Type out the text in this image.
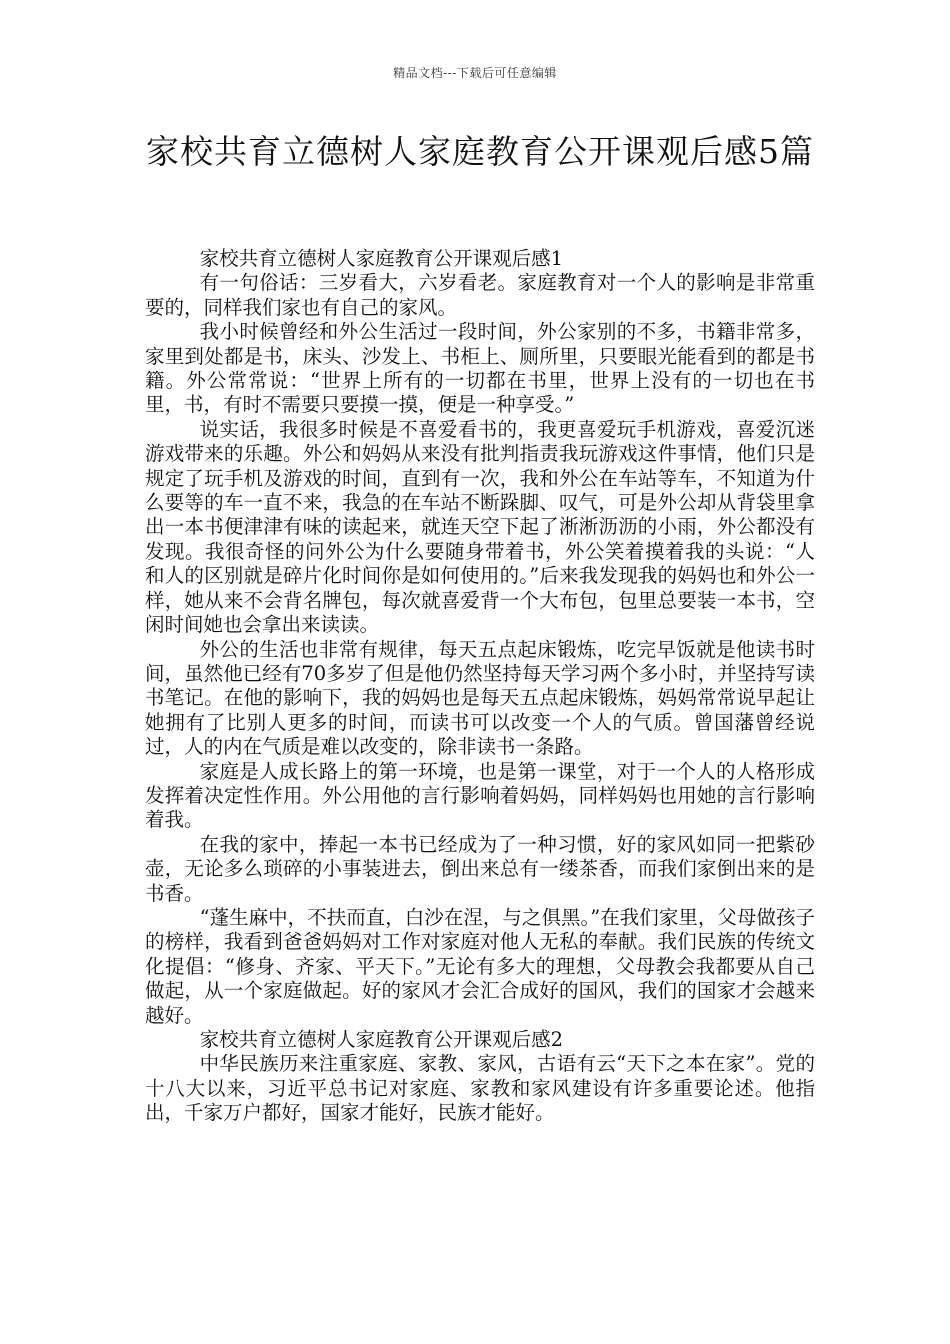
精品文档---下载后可任意编辑
家校共育立德树人家庭教育公开课观后感5篇

家校共育立德树人家庭教育公开课观后感1

有一句俗话：三岁看大，六岁看老。家庭教育对一个人的影响是非常重要的，同样我们家也有自己的家风。

我小时候曾经和外公生活过一段时间，外公家别的不多，书籍非常多，家里到处都是书，床头、沙发上、书柜上、厕所里，只要眼光能看到的都是书籍。外公常常说：“世界上所有的一切都在书里，世界上没有的一切也在书里，书，有时不需要只要摸一摸，便是一种享受。”

说实话，我很多时候是不喜爱看书的，我更喜爱玩手机游戏，喜爱沉迷游戏带来的乐趣。外公和妈妈从来没有批判指责我玩游戏这件事情，他们只是规定了玩手机及游戏的时间，直到有一次，我和外公在车站等车，不知道为什么要等的车一直不来，我急的在车站不断跺脚、叹气，可是外公却从背袋里拿出一本书便津津有味的读起来，就连天空下起了淅淅沥沥的小雨，外公都没有发现。我很奇怪的问外公为什么要随身带着书，外公笑着摸着我的头说：“人和人的区别就是碎片化时间你是如何使用的。”后来我发现我的妈妈也和外公一样，她从来不会背名牌包，每次就喜爱背一个大布包，包里总要装一本书，空闲时间她也会拿出来读读。

外公的生活也非常有规律，每天五点起床锻炼，吃完早饭就是他读书时间，虽然他已经有70多岁了但是他仍然坚持每天学习两个多小时，并坚持写读书笔记。在他的影响下，我的妈妈也是每天五点起床锻炼，妈妈常常说早起让她拥有了比别人更多的时间，而读书可以改变一个人的气质。曾国藩曾经说过，人的内在气质是难以改变的，除非读书一条路。

家庭是人成长路上的第一环境，也是第一课堂，对于一个人的人格形成发挥着决定性作用。外公用他的言行影响着妈妈，同样妈妈也用她的言行影响着我。

在我的家中，捧起一本书已经成为了一种习惯，好的家风如同一把紫砂壶，无论多么琐碎的小事装进去，倒出来总有一缕茶香，而我们家倒出来的是书香。

“蓬生麻中，不扶而直，白沙在涅，与之俱黑。”在我们家里，父母做孩子的榜样，我看到爸爸妈妈对工作对家庭对他人无私的奉献。我们民族的传统文化提倡：“修身、齐家、平天下。”无论有多大的理想，父母教会我都要从自己做起，从一个家庭做起。好的家风才会汇合成好的国风，我们的国家才会越来越好。

家校共育立德树人家庭教育公开课观后感2

中华民族历来注重家庭、家教、家风，古语有云“天下之本在家”。党的十八大以来，习近平总书记对家庭、家教和家风建设有许多重要论述。他指出，千家万户都好，国家才能好，民族才能好。
